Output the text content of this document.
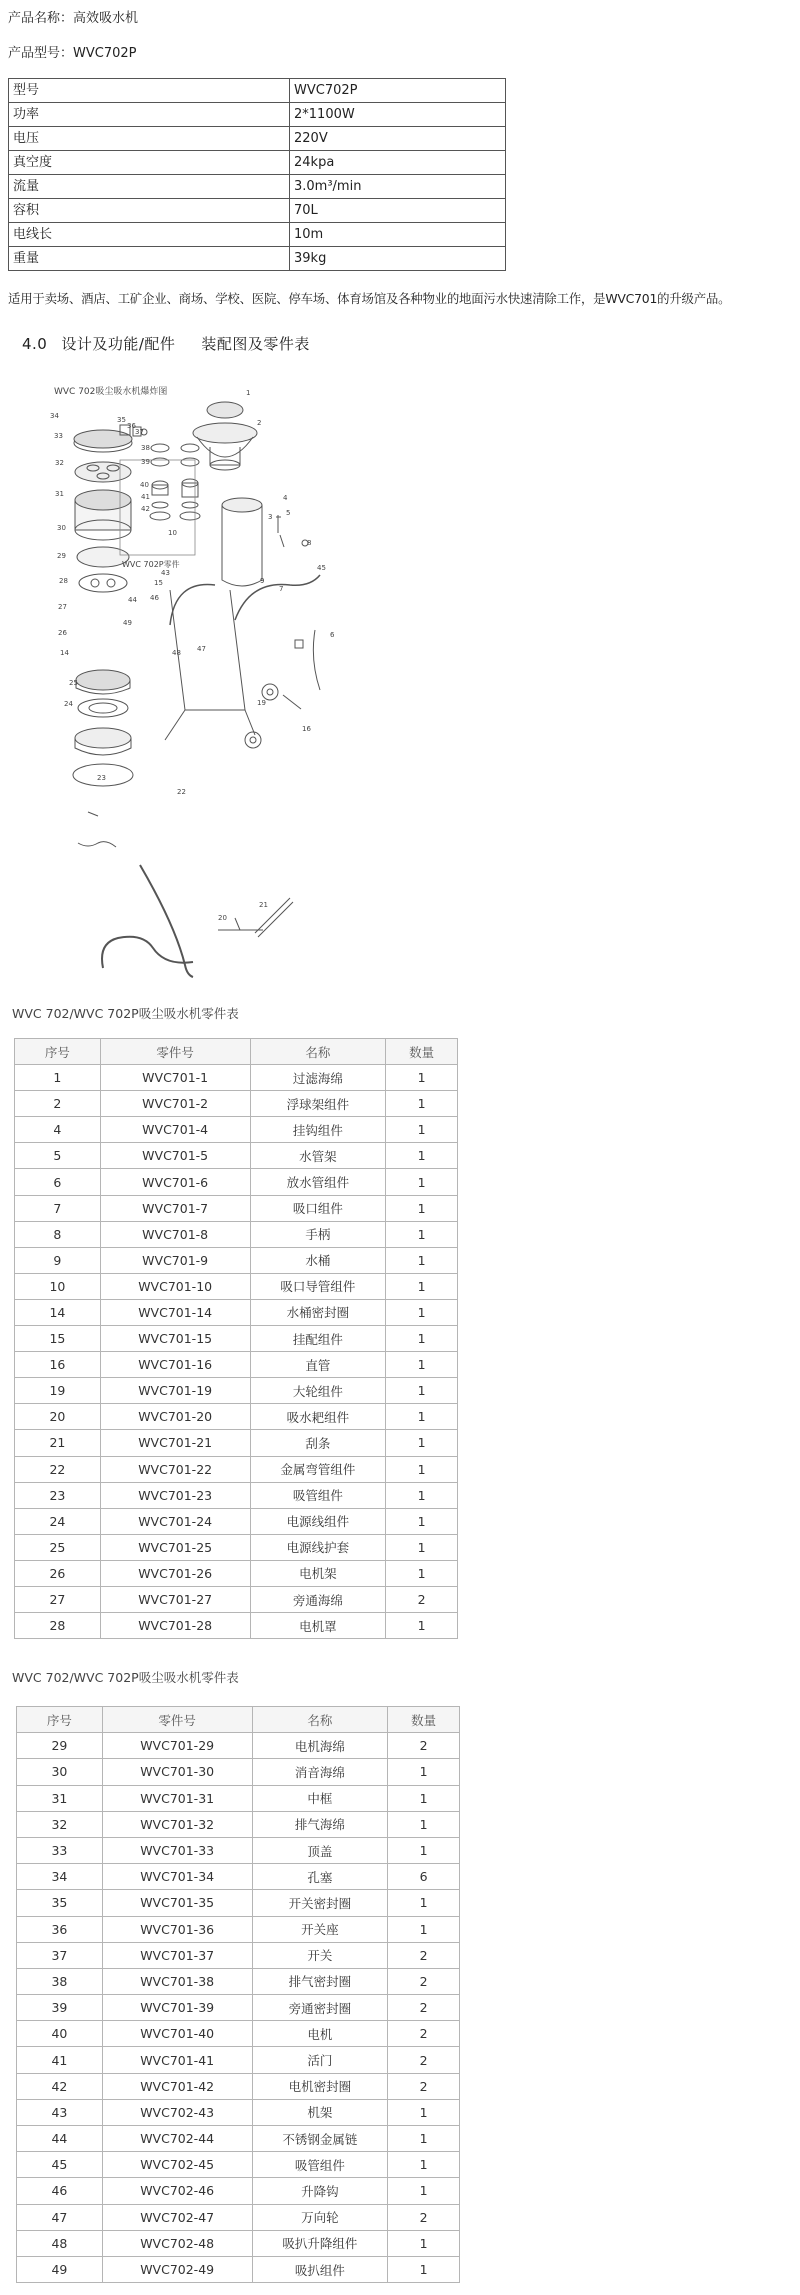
产品名称：高效吸水机
产品型号：WVC702P
型号	WVC702P
功率	2*1100W
电压	220V
真空度	24kpa
流量	3.0m³/min
容积	70L
电线长	10m
重量	39kg
适用于卖场、酒店、工矿企业、商场、学校、医院、停车场、体育场馆及各种物业的地面污水快速清除工作，是WVC701的升级产品。
4.0 设计及功能/配件 装配图及零件表
WVC 702吸尘吸水机爆炸图
34
33
35
36
37
32
31
30
29
38
39
40
41
42
1
2
10
3
4
5
8
9
43
45
28
27
26
14
25
24
23
22
7
6
16
19
20
21
15
46
44
49
48 47
WVC 702P零件
WVC 702/WVC 702P吸尘吸水机零件表
序号	零件号	名称	数量
1	WVC701-1	过滤海绵	1
2	WVC701-2	浮球架组件	1
4	WVC701-4	挂钩组件	1
5	WVC701-5	水管架	1
6	WVC701-6	放水管组件	1
7	WVC701-7	吸口组件	1
8	WVC701-8	手柄	1
9	WVC701-9	水桶	1
10	WVC701-10	吸口导管组件	1
14	WVC701-14	水桶密封圈	1
15	WVC701-15	挂配组件	1
16	WVC701-16	直管	1
19	WVC701-19	大轮组件	1
20	WVC701-20	吸水耙组件	1
21	WVC701-21	刮条	1
22	WVC701-22	金属弯管组件	1
23	WVC701-23	吸管组件	1
24	WVC701-24	电源线组件	1
25	WVC701-25	电源线护套	1
26	WVC701-26	电机架	1
27	WVC701-27	旁通海绵	2
28	WVC701-28	电机罩	1
WVC 702/WVC 702P吸尘吸水机零件表
序号	零件号	名称	数量
29	WVC701-29	电机海绵	2
30	WVC701-30	消音海绵	1
31	WVC701-31	中框	1
32	WVC701-32	排气海绵	1
33	WVC701-33	顶盖	1
34	WVC701-34	孔塞	6
35	WVC701-35	开关密封圈	1
36	WVC701-36	开关座	1
37	WVC701-37	开关	2
38	WVC701-38	排气密封圈	2
39	WVC701-39	旁通密封圈	2
40	WVC701-40	电机	2
41	WVC701-41	活门	2
42	WVC701-42	电机密封圈	2
43	WVC702-43	机架	1
44	WVC702-44	不锈钢金属链	1
45	WVC702-45	吸管组件	1
46	WVC702-46	升降钩	1
47	WVC702-47	万向轮	2
48	WVC702-48	吸扒升降组件	1
49	WVC702-49	吸扒组件	1
